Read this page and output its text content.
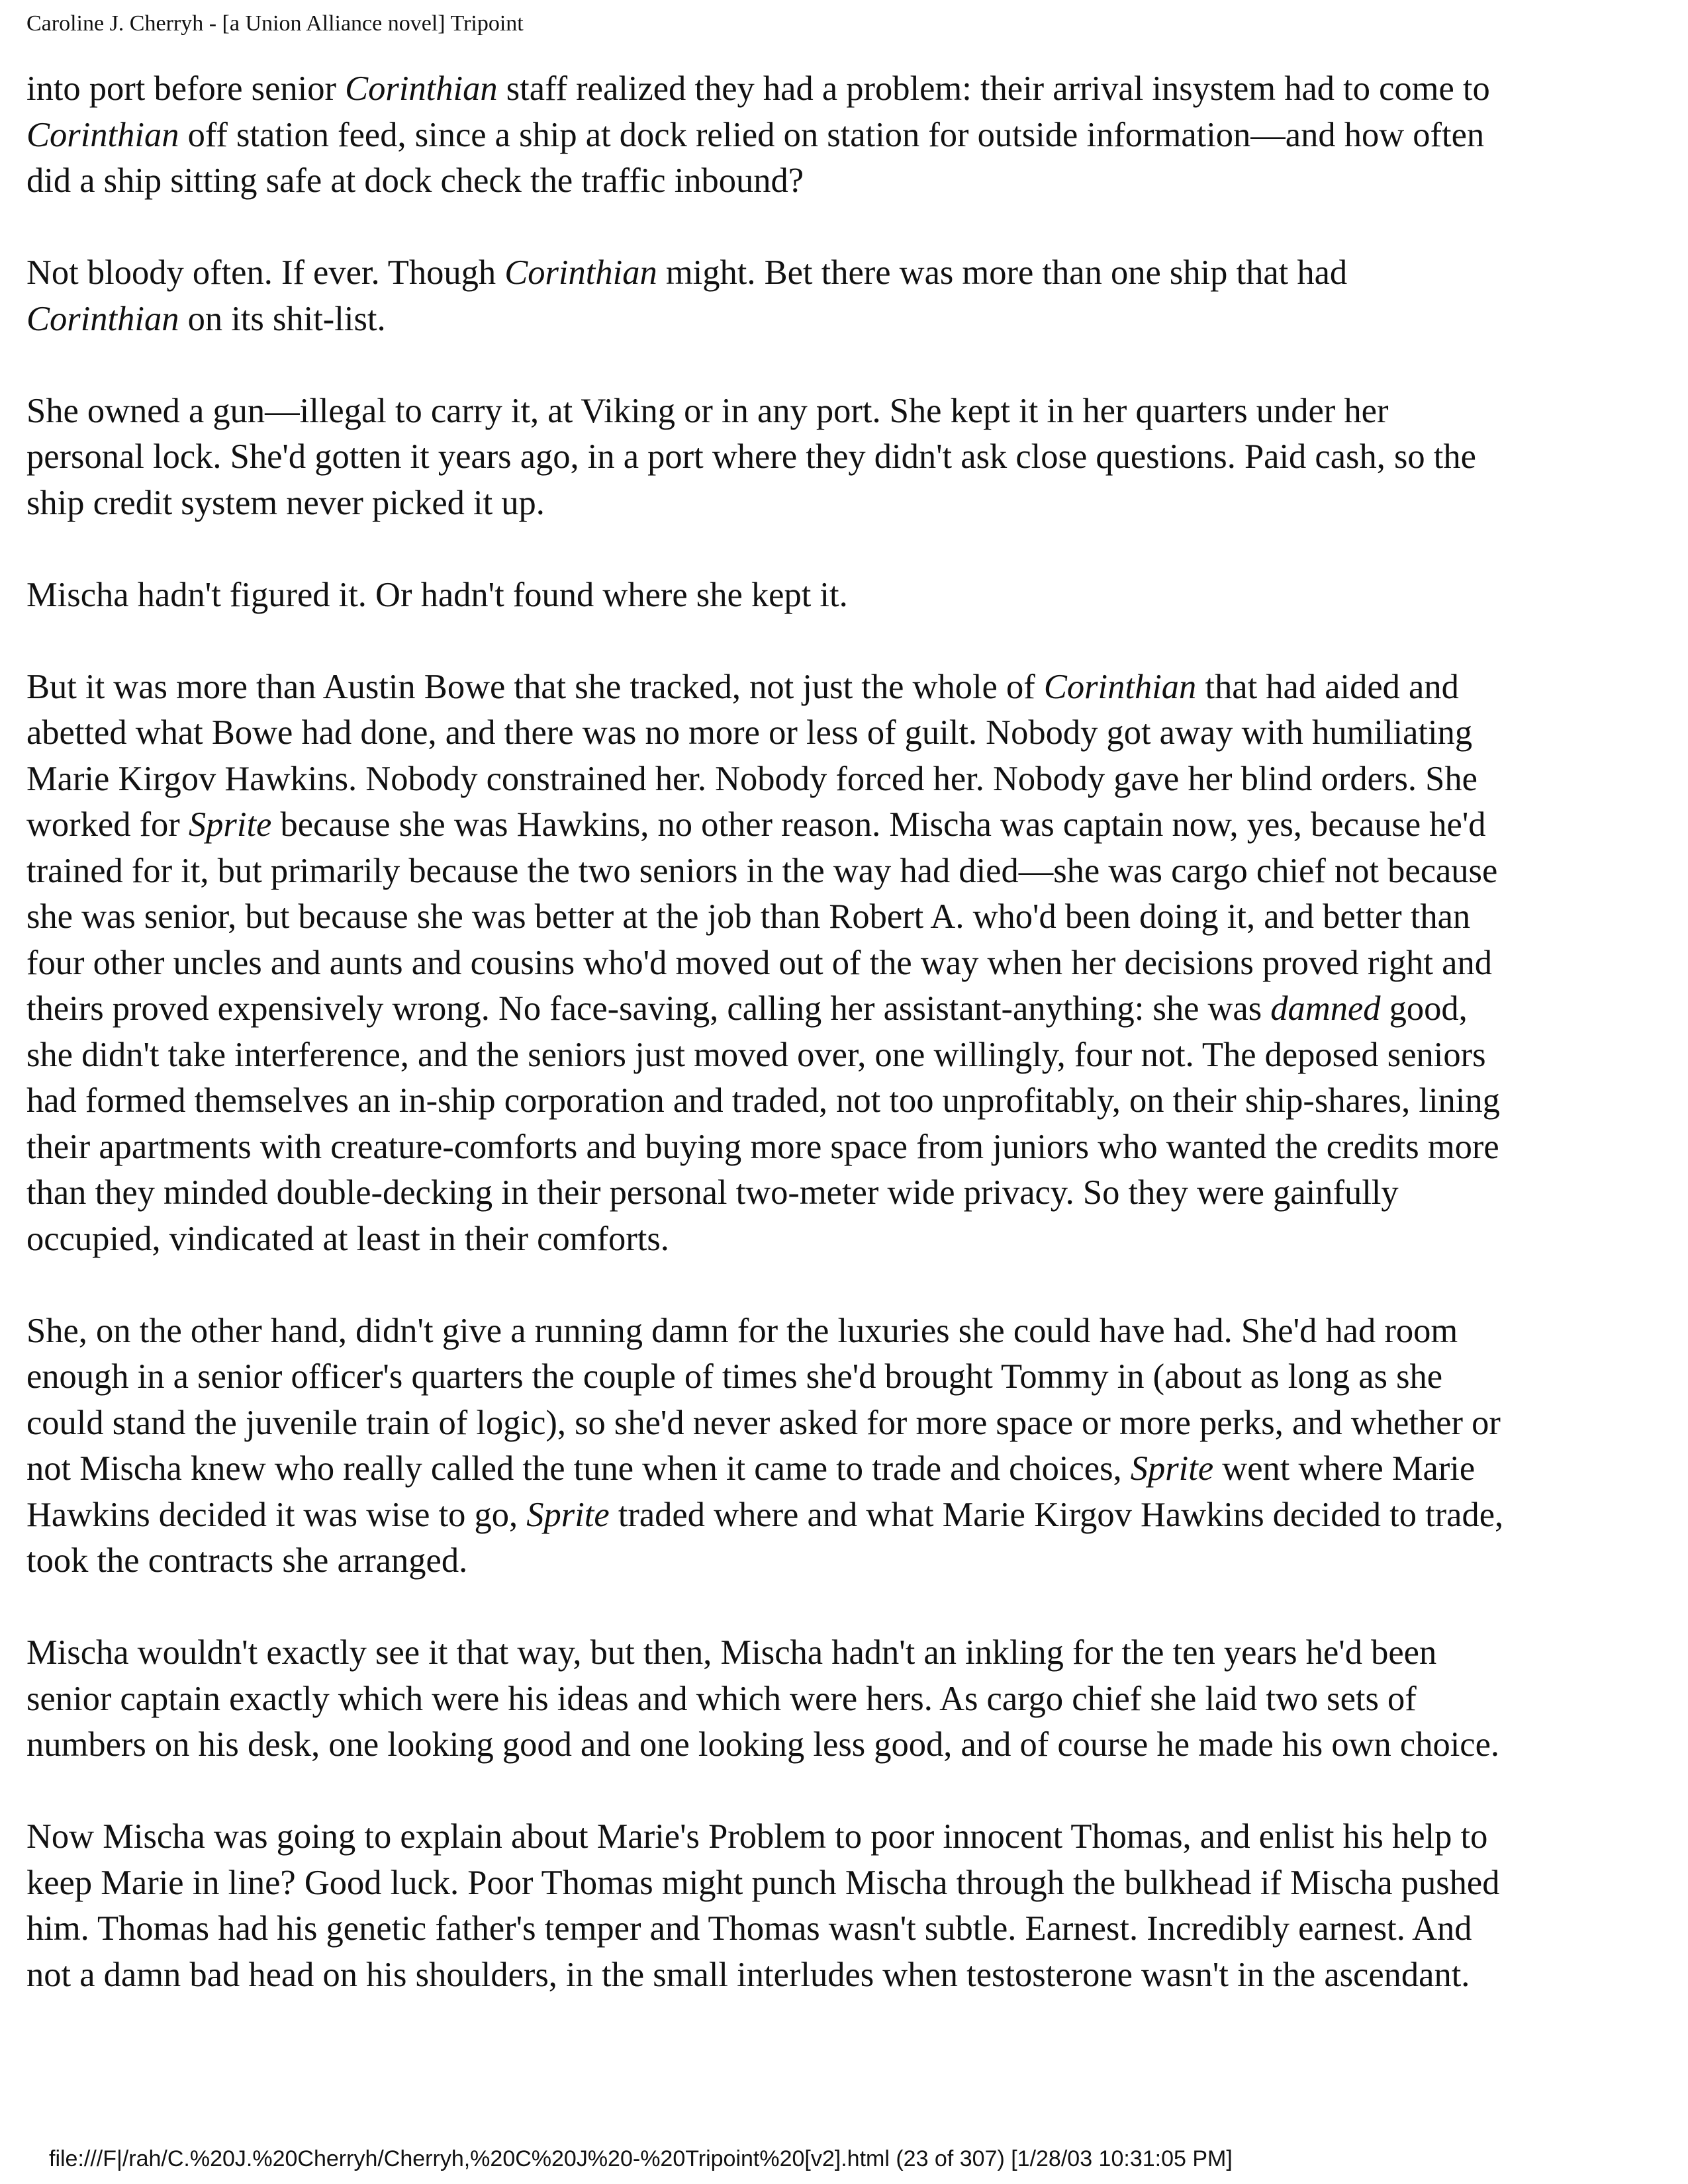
Caroline J. Cherryh - [a Union Alliance novel] Tripoint

into port before senior Corinthian staff realized they had a problem: their arrival insystem had to come to
Corinthian off station feed, since a ship at dock relied on station for outside information—and how often
did a ship sitting safe at dock check the traffic inbound?

Not bloody often. If ever. Though Corinthian might. Bet there was more than one ship that had
Corinthian on its shit-list.

She owned a gun—illegal to carry it, at Viking or in any port. She kept it in her quarters under her
personal lock. She'd gotten it years ago, in a port where they didn't ask close questions. Paid cash, so the
ship credit system never picked it up.

Mischa hadn't figured it. Or hadn't found where she kept it.

But it was more than Austin Bowe that she tracked, not just the whole of Corinthian that had aided and
abetted what Bowe had done, and there was no more or less of guilt. Nobody got away with humiliating
Marie Kirgov Hawkins. Nobody constrained her. Nobody forced her. Nobody gave her blind orders. She
worked for Sprite because she was Hawkins, no other reason. Mischa was captain now, yes, because he'd
trained for it, but primarily because the two seniors in the way had died—she was cargo chief not because
she was senior, but because she was better at the job than Robert A. who'd been doing it, and better than
four other uncles and aunts and cousins who'd moved out of the way when her decisions proved right and
theirs proved expensively wrong. No face-saving, calling her assistant-anything: she was damned good,
she didn't take interference, and the seniors just moved over, one willingly, four not. The deposed seniors
had formed themselves an in-ship corporation and traded, not too unprofitably, on their ship-shares, lining
their apartments with creature-comforts and buying more space from juniors who wanted the credits more
than they minded double-decking in their personal two-meter wide privacy. So they were gainfully
occupied, vindicated at least in their comforts.

She, on the other hand, didn't give a running damn for the luxuries she could have had. She'd had room
enough in a senior officer's quarters the couple of times she'd brought Tommy in (about as long as she
could stand the juvenile train of logic), so she'd never asked for more space or more perks, and whether or
not Mischa knew who really called the tune when it came to trade and choices, Sprite went where Marie
Hawkins decided it was wise to go, Sprite traded where and what Marie Kirgov Hawkins decided to trade,
took the contracts she arranged.

Mischa wouldn't exactly see it that way, but then, Mischa hadn't an inkling for the ten years he'd been
senior captain exactly which were his ideas and which were hers. As cargo chief she laid two sets of
numbers on his desk, one looking good and one looking less good, and of course he made his own choice.

Now Mischa was going to explain about Marie's Problem to poor innocent Thomas, and enlist his help to
keep Marie in line? Good luck. Poor Thomas might punch Mischa through the bulkhead if Mischa pushed
him. Thomas had his genetic father's temper and Thomas wasn't subtle. Earnest. Incredibly earnest. And
not a damn bad head on his shoulders, in the small interludes when testosterone wasn't in the ascendant.

file:///F|/rah/C.%20J.%20Cherryh/Cherryh,%20C%20J%20-%20Tripoint%20[v2].html (23 of 307) [1/28/03 10:31:05 PM]
